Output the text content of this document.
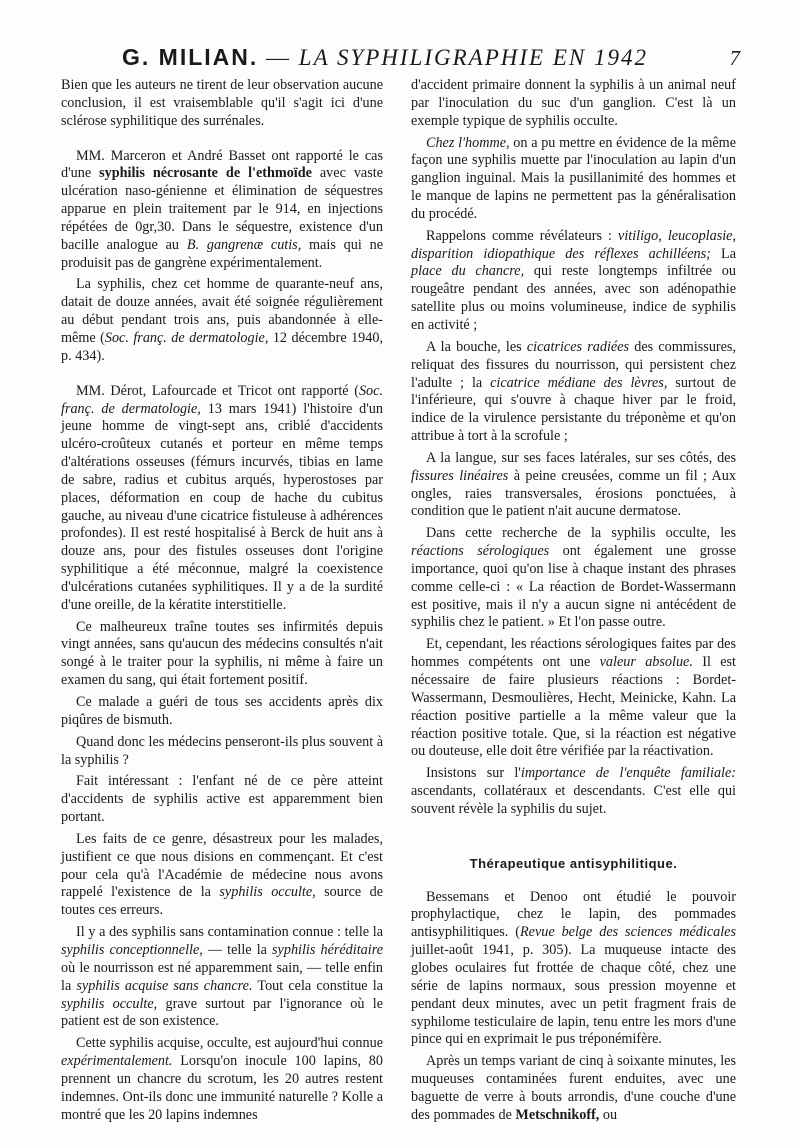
G. MILIAN. — LA SYPHILIGRAPHIE EN 1942	7

Bien que les auteurs ne tirent de leur observation aucune conclusion, il est vraisemblable qu'il s'agit ici d'une sclérose syphilitique des surrénales.

MM. Marceron et André Basset ont rapporté le cas d'une syphilis nécrosante de l'ethmoïde avec vaste ulcération naso-génienne et élimination de séquestres apparue en plein traitement par le 914, en injections répétées de 0gr,30. Dans le séquestre, existence d'un bacille analogue au B. gangrenæ cutis, mais qui ne produisit pas de gangrène expérimentalement.

La syphilis, chez cet homme de quarante-neuf ans, datait de douze années, avait été soignée régulièrement au début pendant trois ans, puis abandonnée à elle-même (Soc. franç. de dermatologie, 12 décembre 1940, p. 434).

MM. Dérot, Lafourcade et Tricot ont rapporté (Soc. franç. de dermatologie, 13 mars 1941) l'histoire d'un jeune homme de vingt-sept ans, criblé d'accidents ulcéro-croûteux cutanés et porteur en même temps d'altérations osseuses (fémurs incurvés, tibias en lame de sabre, radius et cubitus arqués, hyperostoses par places, déformation en coup de hache du cubitus gauche, au niveau d'une cicatrice fistuleuse à adhérences profondes). Il est resté hospitalisé à Berck de huit ans à douze ans, pour des fistules osseuses dont l'origine syphilitique a été méconnue, malgré la coexistence d'ulcérations cutanées syphilitiques. Il y a de la surdité d'une oreille, de la kératite interstitielle.

Ce malheureux traîne toutes ses infirmités depuis vingt années, sans qu'aucun des médecins consultés n'ait songé à le traiter pour la syphilis, ni même à faire un examen du sang, qui était fortement positif.

Ce malade a guéri de tous ses accidents après dix piqûres de bismuth.

Quand donc les médecins penseront-ils plus souvent à la syphilis ?

Fait intéressant : l'enfant né de ce père atteint d'accidents de syphilis active est apparemment bien portant.

Les faits de ce genre, désastreux pour les malades, justifient ce que nous disions en commençant. Et c'est pour cela qu'à l'Académie de médecine nous avons rappelé l'existence de la syphilis occulte, source de toutes ces erreurs.

Il y a des syphilis sans contamination connue : telle la syphilis conceptionnelle, — telle la syphilis héréditaire où le nourrisson est né apparemment sain, — telle enfin la syphilis acquise sans chancre. Tout cela constitue la syphilis occulte, grave surtout par l'ignorance où le patient est de son existence.

Cette syphilis acquise, occulte, est aujourd'hui connue expérimentalement. Lorsqu'on inocule 100 lapins, 80 prennent un chancre du scrotum, les 20 autres restent indemnes. Ont-ils donc une immunité naturelle ? Kolle a montré que les 20 lapins indemnes

d'accident primaire donnent la syphilis à un animal neuf par l'inoculation du suc d'un ganglion. C'est là un exemple typique de syphilis occulte.

Chez l'homme, on a pu mettre en évidence de la même façon une syphilis muette par l'inoculation au lapin d'un ganglion inguinal. Mais la pusillanimité des hommes et le manque de lapins ne permettent pas la généralisation du procédé.

Rappelons comme révélateurs : vitiligo, leucoplasie, disparition idiopathique des réflexes achilléens; La place du chancre, qui reste longtemps infiltrée ou rougeâtre pendant des années, avec son adénopathie satellite plus ou moins volumineuse, indice de syphilis en activité ;

A la bouche, les cicatrices radiées des commissures, reliquat des fissures du nourrisson, qui persistent chez l'adulte ; la cicatrice médiane des lèvres, surtout de l'inférieure, qui s'ouvre à chaque hiver par le froid, indice de la virulence persistante du tréponème et qu'on attribue à tort à la scrofule ;

A la langue, sur ses faces latérales, sur ses côtés, des fissures linéaires à peine creusées, comme un fil ; Aux ongles, raies transversales, érosions ponctuées, à condition que le patient n'ait aucune dermatose.

Dans cette recherche de la syphilis occulte, les réactions sérologiques ont également une grosse importance, quoi qu'on lise à chaque instant des phrases comme celle-ci : « La réaction de Bordet-Wassermann est positive, mais il n'y a aucun signe ni antécédent de syphilis chez le patient. » Et l'on passe outre.

Et, cependant, les réactions sérologiques faites par des hommes compétents ont une valeur absolue. Il est nécessaire de faire plusieurs réactions : Bordet-Wassermann, Desmoulières, Hecht, Meinicke, Kahn. La réaction positive partielle a la même valeur que la réaction positive totale. Que, si la réaction est négative ou douteuse, elle doit être vérifiée par la réactivation.

Insistons sur l'importance de l'enquête familiale: ascendants, collatéraux et descendants. C'est elle qui souvent révèle la syphilis du sujet.

Thérapeutique antisyphilitique.

Bessemans et Denoo ont étudié le pouvoir prophylactique, chez le lapin, des pommades antisyphilitiques. (Revue belge des sciences médicales juillet-août 1941, p. 305). La muqueuse intacte des globes oculaires fut frottée de chaque côté, chez une série de lapins normaux, sous pression moyenne et pendant deux minutes, avec un petit fragment frais de syphilome testiculaire de lapin, tenu entre les mors d'une pince qui en exprimait le pus tréponémifère.

Après un temps variant de cinq à soixante minutes, les muqueuses contaminées furent enduites, avec une baguette de verre à bouts arrondis, d'une couche d'une des pommades de Metschnikoff, ou
